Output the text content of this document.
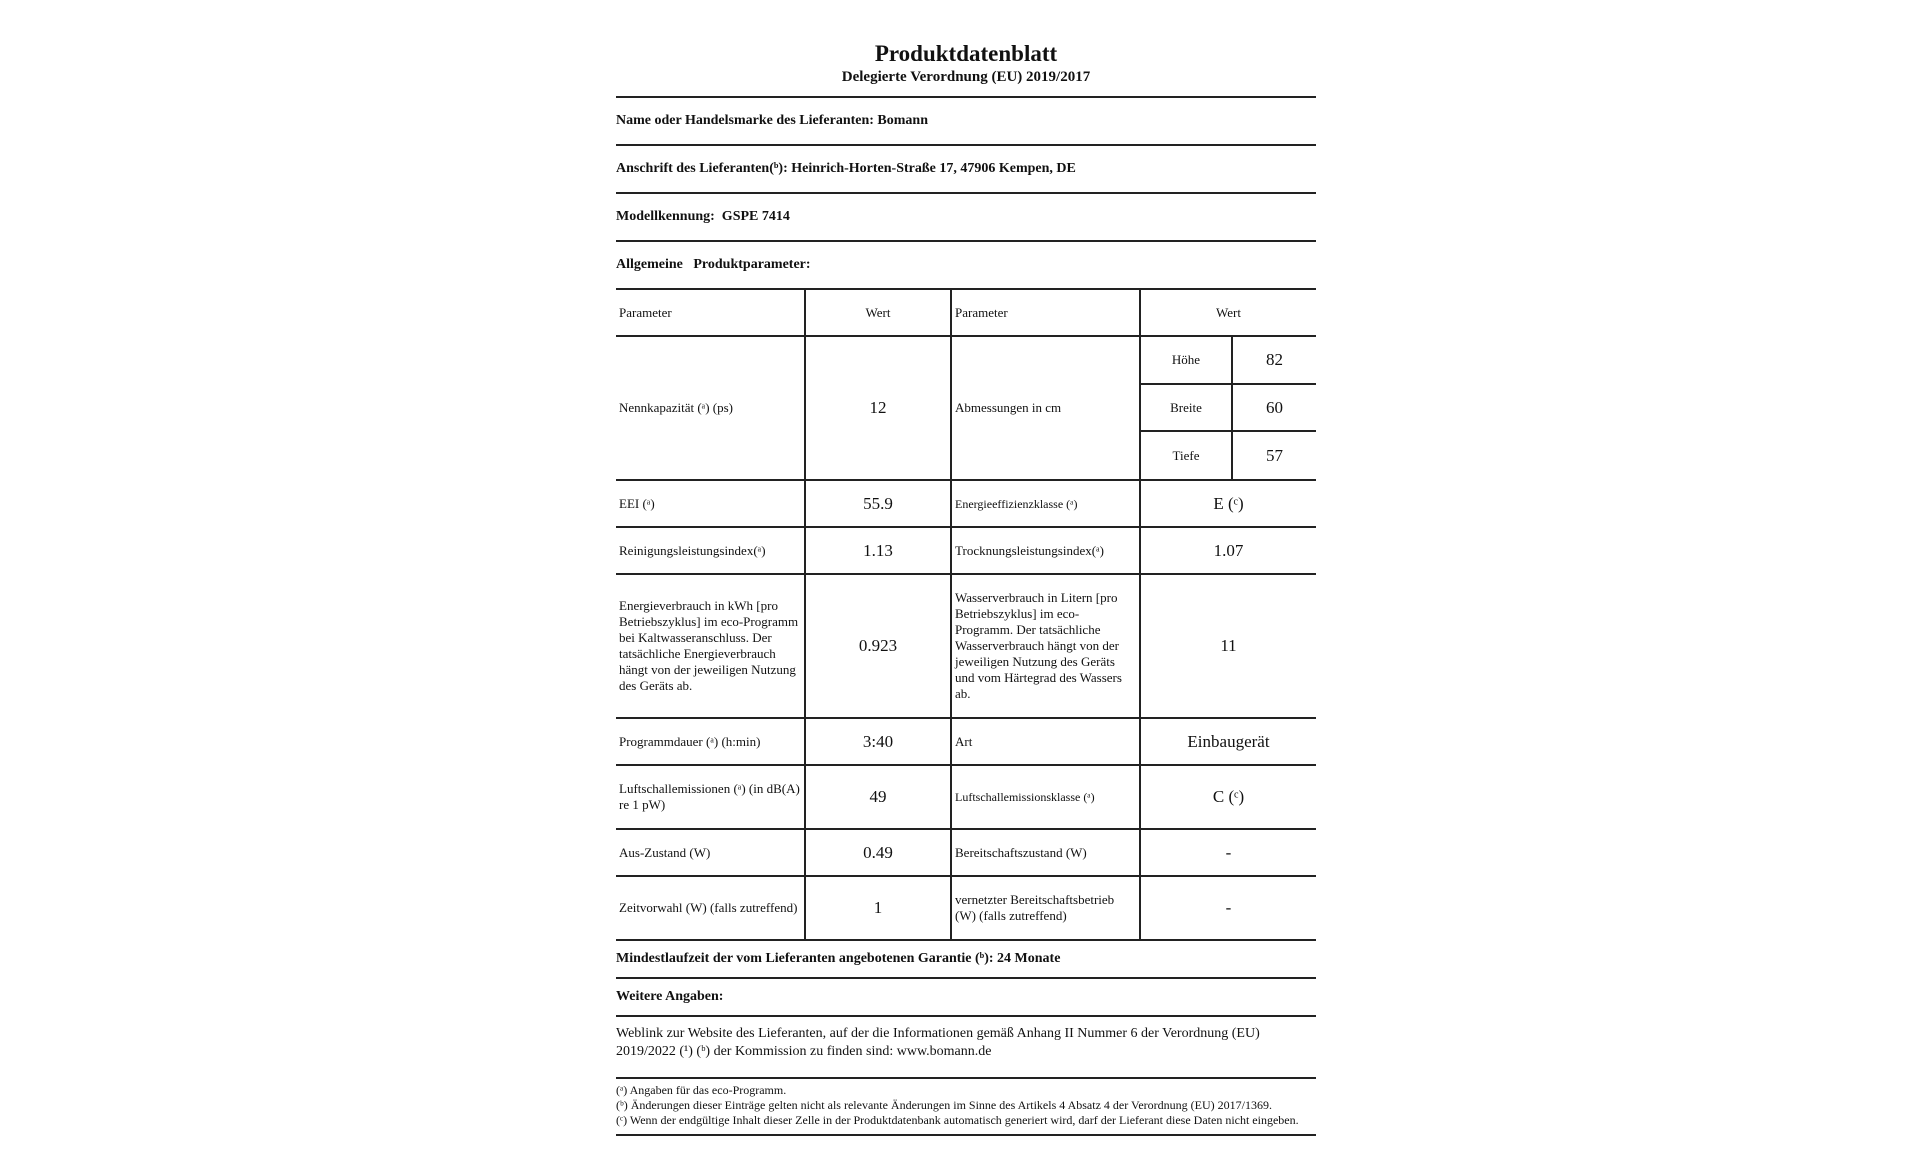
Produktdatenblatt
Delegierte Verordnung (EU) 2019/2017
Name oder Handelsmarke des Lieferanten: Bomann
Anschrift des Lieferanten(ᵇ): Heinrich-Horten-Straße 17, 47906 Kempen, DE
Modellkennung:  GSPE 7414
Allgemeine   Produktparameter:
Parameter	Wert	Parameter	Wert
Nennkapazität (ᵃ) (ps)	12	Abmessungen in cm	
Höhe	82
Breite	60
Tiefe	57

EEI (ᵃ)	55.9	Energieeffizienzklasse (ᵃ)	E (ᶜ)
Reinigungsleistungsindex(ᵃ)	1.13	Trocknungsleistungsindex(ᵃ)	1.07
Energieverbrauch in kWh [pro Betriebszyklus] im eco-Programm bei Kaltwasseranschluss. Der tatsächliche Energieverbrauch hängt von der jeweiligen Nutzung des Geräts ab.	0.923	Wasserverbrauch in Litern [pro Betriebszyklus] im eco-Programm. Der tatsächliche Wasserverbrauch hängt von der jeweiligen Nutzung des Geräts und vom Härtegrad des Wassers ab.	11
Programmdauer (ᵃ) (h:min)	3:40	Art	Einbaugerät
Luftschallemissionen (ᵃ) (in dB(A) re 1 pW)	49	Luftschallemissionsklasse (ᵃ)	C (ᶜ)
Aus-Zustand (W)	0.49	Bereitschaftszustand (W)	-
Zeitvorwahl (W) (falls zutreffend)	1	vernetzter Bereitschaftsbetrieb (W) (falls zutreffend)	-
Mindestlaufzeit der vom Lieferanten angebotenen Garantie (ᵇ): 24 Monate
Weitere Angaben:
Weblink zur Website des Lieferanten, auf der die Informationen gemäß Anhang II Nummer 6 der Verordnung (EU) 2019/2022 (¹) (ᵇ) der Kommission zu finden sind: www.bomann.de
(ᵃ) Angaben für das eco-Programm.
(ᵇ) Änderungen dieser Einträge gelten nicht als relevante Änderungen im Sinne des Artikels 4 Absatz 4 der Verordnung (EU) 2017/1369.
(ᶜ) Wenn der endgültige Inhalt dieser Zelle in der Produktdatenbank automatisch generiert wird, darf der Lieferant diese Daten nicht eingeben.
